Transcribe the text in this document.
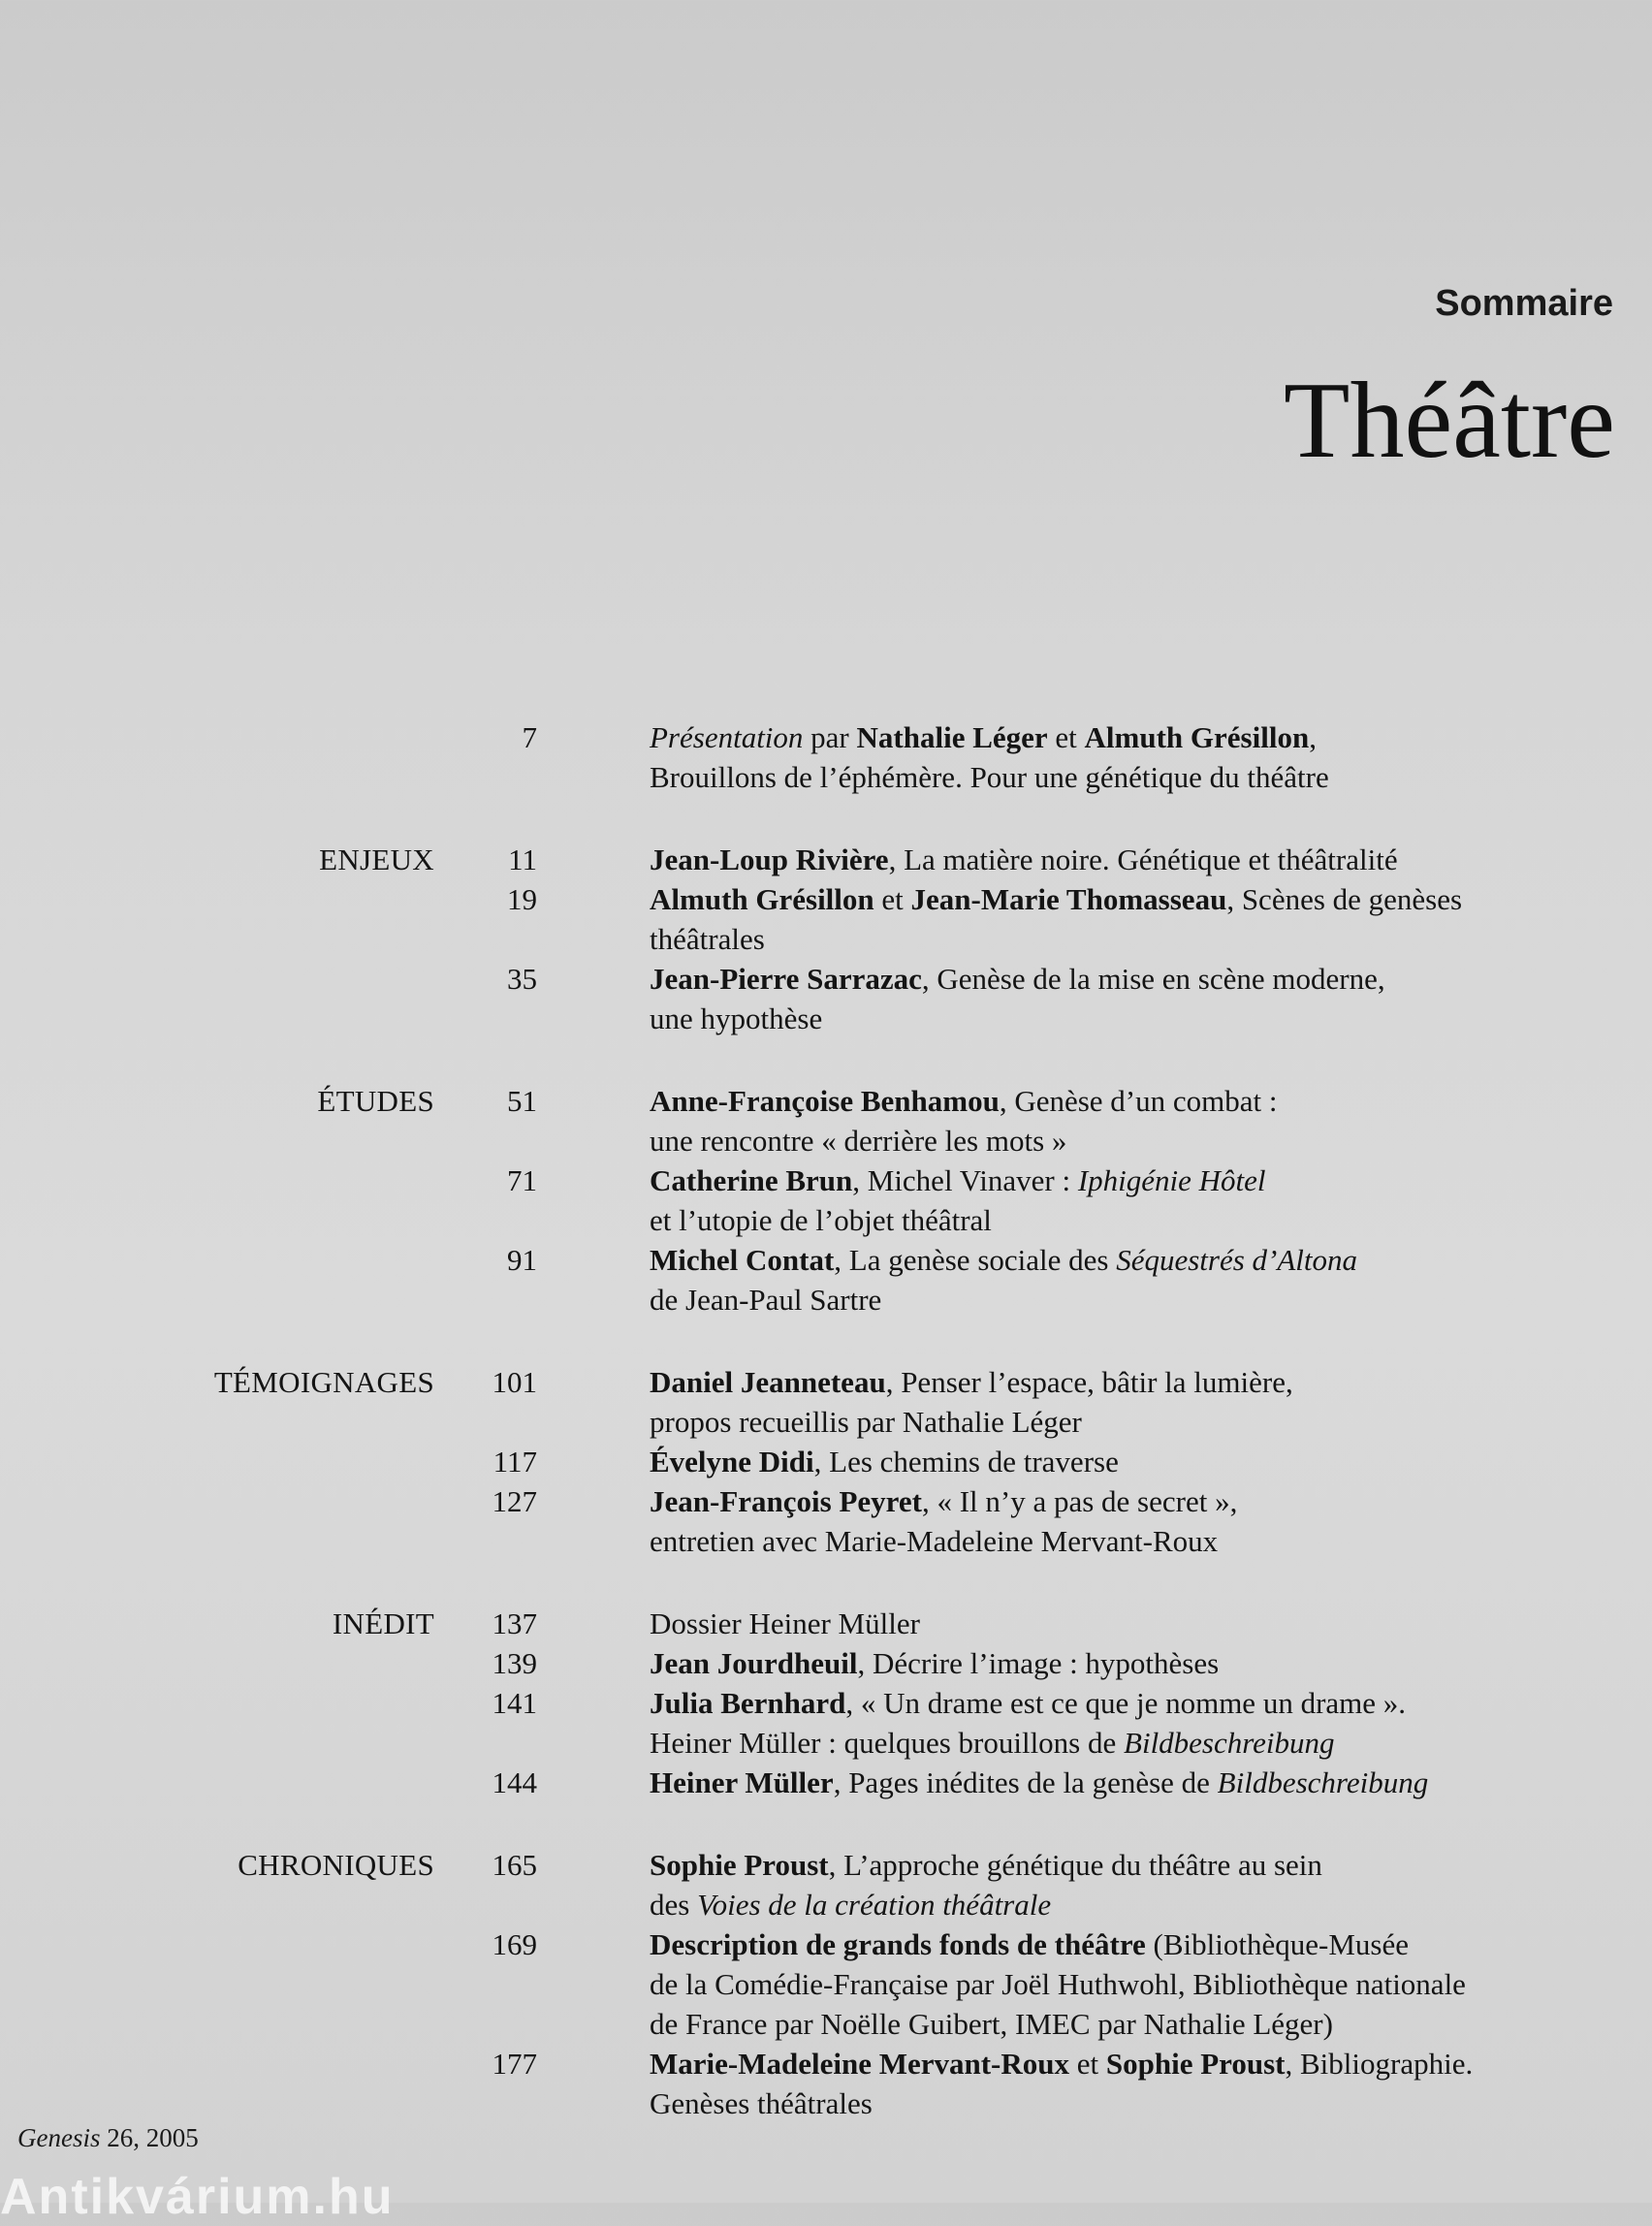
Sommaire
Théâtre
7	Présentation par Nathalie Léger et Almuth Grésillon,
Brouillons de l’éphémère. Pour une génétique du théâtre
ENJEUX 11	Jean-Loup Rivière, La matière noire. Génétique et théâtralité
19	Almuth Grésillon et Jean-Marie Thomasseau, Scènes de genèses
théâtrales
35	Jean-Pierre Sarrazac, Genèse de la mise en scène moderne,
une hypothèse
ÉTUDES 51	Anne-Françoise Benhamou, Genèse d’un combat :
une rencontre « derrière les mots »
71	Catherine Brun, Michel Vinaver : Iphigénie Hôtel
et l’utopie de l’objet théâtral
91	Michel Contat, La genèse sociale des Séquestrés d’Altona
de Jean-Paul Sartre
TÉMOIGNAGES 101	Daniel Jeanneteau, Penser l’espace, bâtir la lumière,
propos recueillis par Nathalie Léger
117	Évelyne Didi, Les chemins de traverse
127	Jean-François Peyret, « Il n’y a pas de secret »,
entretien avec Marie-Madeleine Mervant-Roux
INÉDIT 137	Dossier Heiner Müller
139	Jean Jourdheuil, Décrire l’image : hypothèses
141	Julia Bernhard, « Un drame est ce que je nomme un drame ».
Heiner Müller : quelques brouillons de Bildbeschreibung
144	Heiner Müller, Pages inédites de la genèse de Bildbeschreibung
CHRONIQUES 165	Sophie Proust, L’approche génétique du théâtre au sein
des Voies de la création théâtrale
169	Description de grands fonds de théâtre (Bibliothèque-Musée
de la Comédie-Française par Joël Huthwohl, Bibliothèque nationale
de France par Noëlle Guibert, IMEC par Nathalie Léger)
177	Marie-Madeleine Mervant-Roux et Sophie Proust, Bibliographie.
Genèses théâtrales
Genesis 26, 2005
Antikvárium.hu
